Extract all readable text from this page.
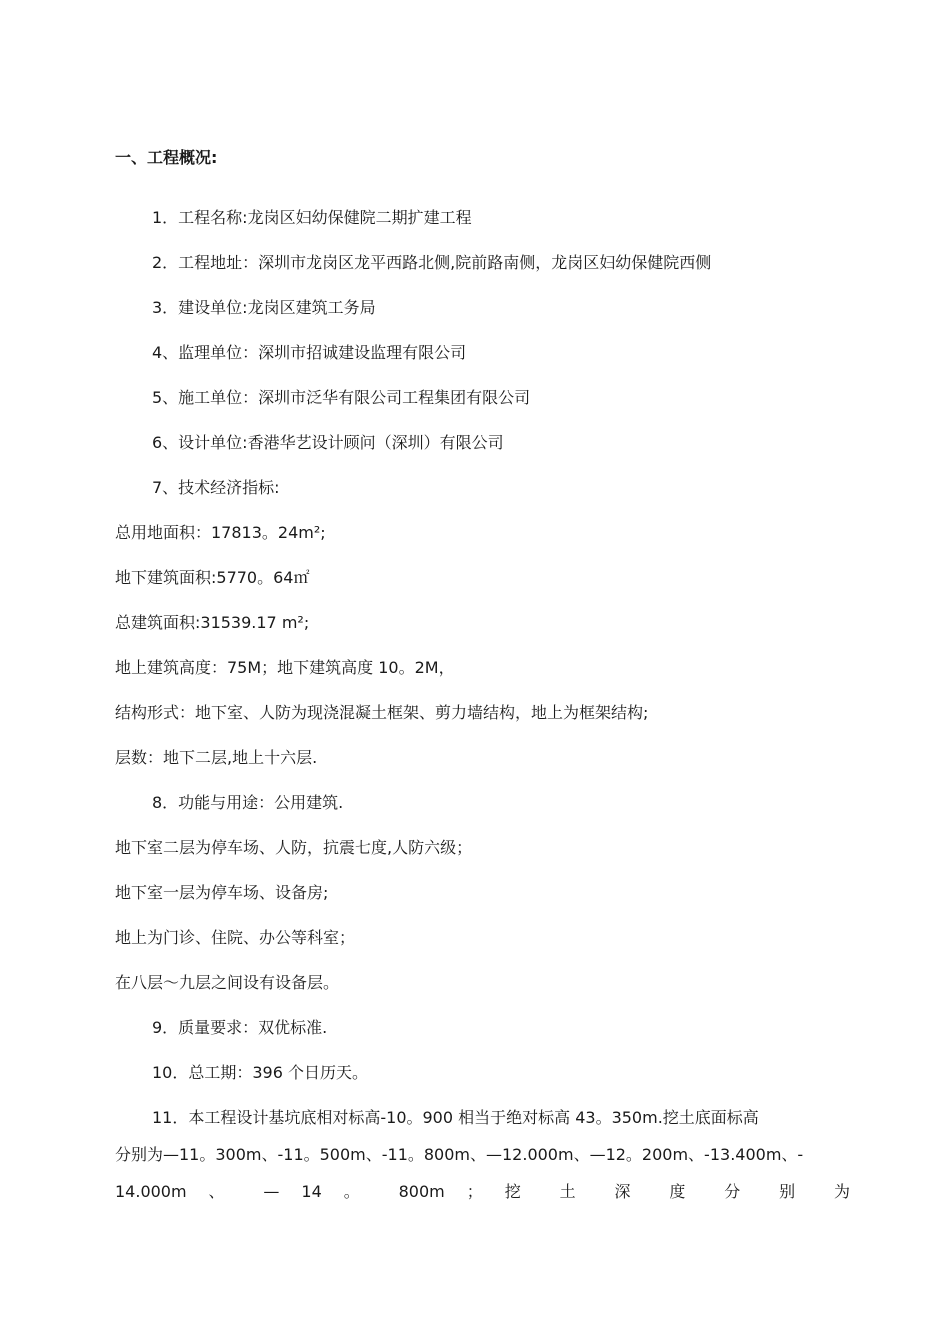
一、工程概况:
1．工程名称:龙岗区妇幼保健院二期扩建工程
2．工程地址：深圳市龙岗区龙平西路北侧,院前路南侧，龙岗区妇幼保健院西侧
3．建设单位:龙岗区建筑工务局
4、监理单位：深圳市招诚建设监理有限公司
5、施工单位：深圳市泛华有限公司工程集团有限公司
6、设计单位:香港华艺设计顾问（深圳）有限公司
7、技术经济指标:
总用地面积：17813。24m²;
地下建筑面积:5770。64㎡
总建筑面积:31539.17 m²;
地上建筑高度：75M；地下建筑高度 10。2M，
结构形式：地下室、人防为现浇混凝土框架、剪力墙结构，地上为框架结构;
层数：地下二层,地上十六层.
8．功能与用途：公用建筑.
地下室二层为停车场、人防，抗震七度,人防六级；
地下室一层为停车场、设备房;
地上为门诊、住院、办公等科室；
在八层～九层之间设有设备层。
9．质量要求：双优标准.
10．总工期：396 个日历天。
11．本工程设计基坑底相对标高-10。900 相当于绝对标高 43。350m.挖土底面标高
分别为—11。300m、-11。500m、-11。800m、—12.000m、—12。200m、-13.400m、-
14.000m 、 — 14 。 800m ； 挖 土 深 度 分 别 为
